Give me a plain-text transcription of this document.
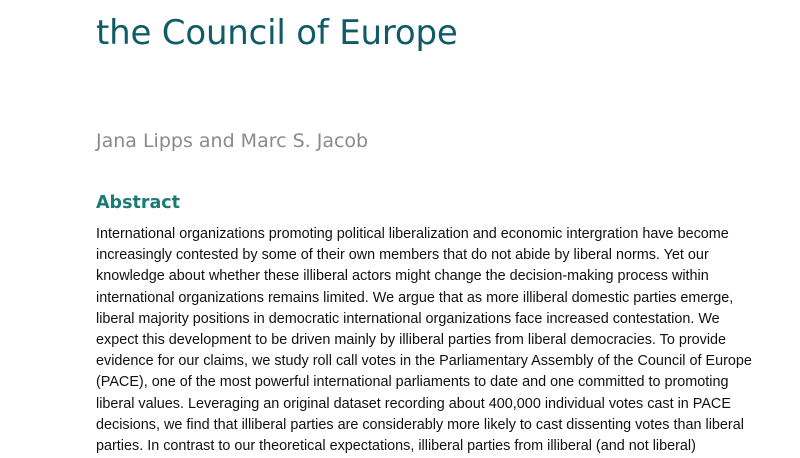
the Council of Europe

Jana Lipps and Marc S. Jacob

Abstract
International organizations promoting political liberalization and economic intergration have become
increasingly contested by some of their own members that do not abide by liberal norms. Yet our
knowledge about whether these illiberal actors might change the decision-making process within
international organizations remains limited. We argue that as more illiberal domestic parties emerge,
liberal majority positions in democratic international organizations face increased contestation. We
expect this development to be driven mainly by illiberal parties from liberal democracies. To provide
evidence for our claims, we study roll call votes in the Parliamentary Assembly of the Council of Europe
(PACE), one of the most powerful international parliaments to date and one committed to promoting
liberal values. Leveraging an original dataset recording about 400,000 individual votes cast in PACE
decisions, we find that illiberal parties are considerably more likely to cast dissenting votes than liberal
parties. In contrast to our theoretical expectations, illiberal parties from illiberal (and not liberal)
